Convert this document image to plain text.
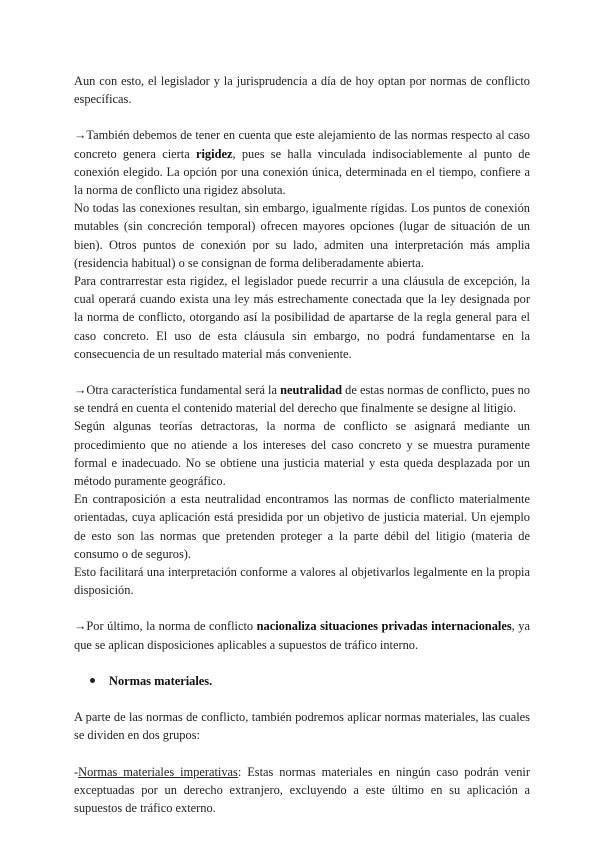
Aun con esto, el legislador y la jurisprudencia a día de hoy optan por normas de conflicto específicas.

→También debemos de tener en cuenta que este alejamiento de las normas respecto al caso concreto genera cierta rigidez, pues se halla vinculada indisociablemente al punto de conexión elegido. La opción por una conexión única, determinada en el tiempo, confiere a la norma de conflicto una rigidez absoluta.

No todas las conexiones resultan, sin embargo, igualmente rígidas. Los puntos de conexión mutables (sin concreción temporal) ofrecen mayores opciones (lugar de situación de un bien). Otros puntos de conexión por su lado, admiten una interpretación más amplia (residencia habitual) o se consignan de forma deliberadamente abierta.

Para contrarrestar esta rigidez, el legislador puede recurrir a una cláusula de excepción, la cual operará cuando exista una ley más estrechamente conectada que la ley designada por la norma de conflicto, otorgando así la posibilidad de apartarse de la regla general para el caso concreto. El uso de esta cláusula sin embargo, no podrá fundamentarse en la consecuencia de un resultado material más conveniente.

→Otra característica fundamental será la neutralidad de estas normas de conflicto, pues no se tendrá en cuenta el contenido material del derecho que finalmente se designe al litigio.

Según algunas teorías detractoras, la norma de conflicto se asignará mediante un procedimiento que no atiende a los intereses del caso concreto y se muestra puramente formal e inadecuado. No se obtiene una justicia material y esta queda desplazada por un método puramente geográfico.

En contraposición a esta neutralidad encontramos las normas de conflicto materialmente orientadas, cuya aplicación está presidida por un objetivo de justicia material. Un ejemplo de esto son las normas que pretenden proteger a la parte débil del litigio (materia de consumo o de seguros).

Esto facilitará una interpretación conforme a valores al objetivarlos legalmente en la propia disposición.

→Por último, la norma de conflicto nacionaliza situaciones privadas internacionales, ya que se aplican disposiciones aplicables a supuestos de tráfico interno.

Normas materiales.

A parte de las normas de conflicto, también podremos aplicar normas materiales, las cuales se dividen en dos grupos:

-Normas materiales imperativas: Estas normas materiales en ningún caso podrán venir exceptuadas por un derecho extranjero, excluyendo a este último en su aplicación a supuestos de tráfico externo.
